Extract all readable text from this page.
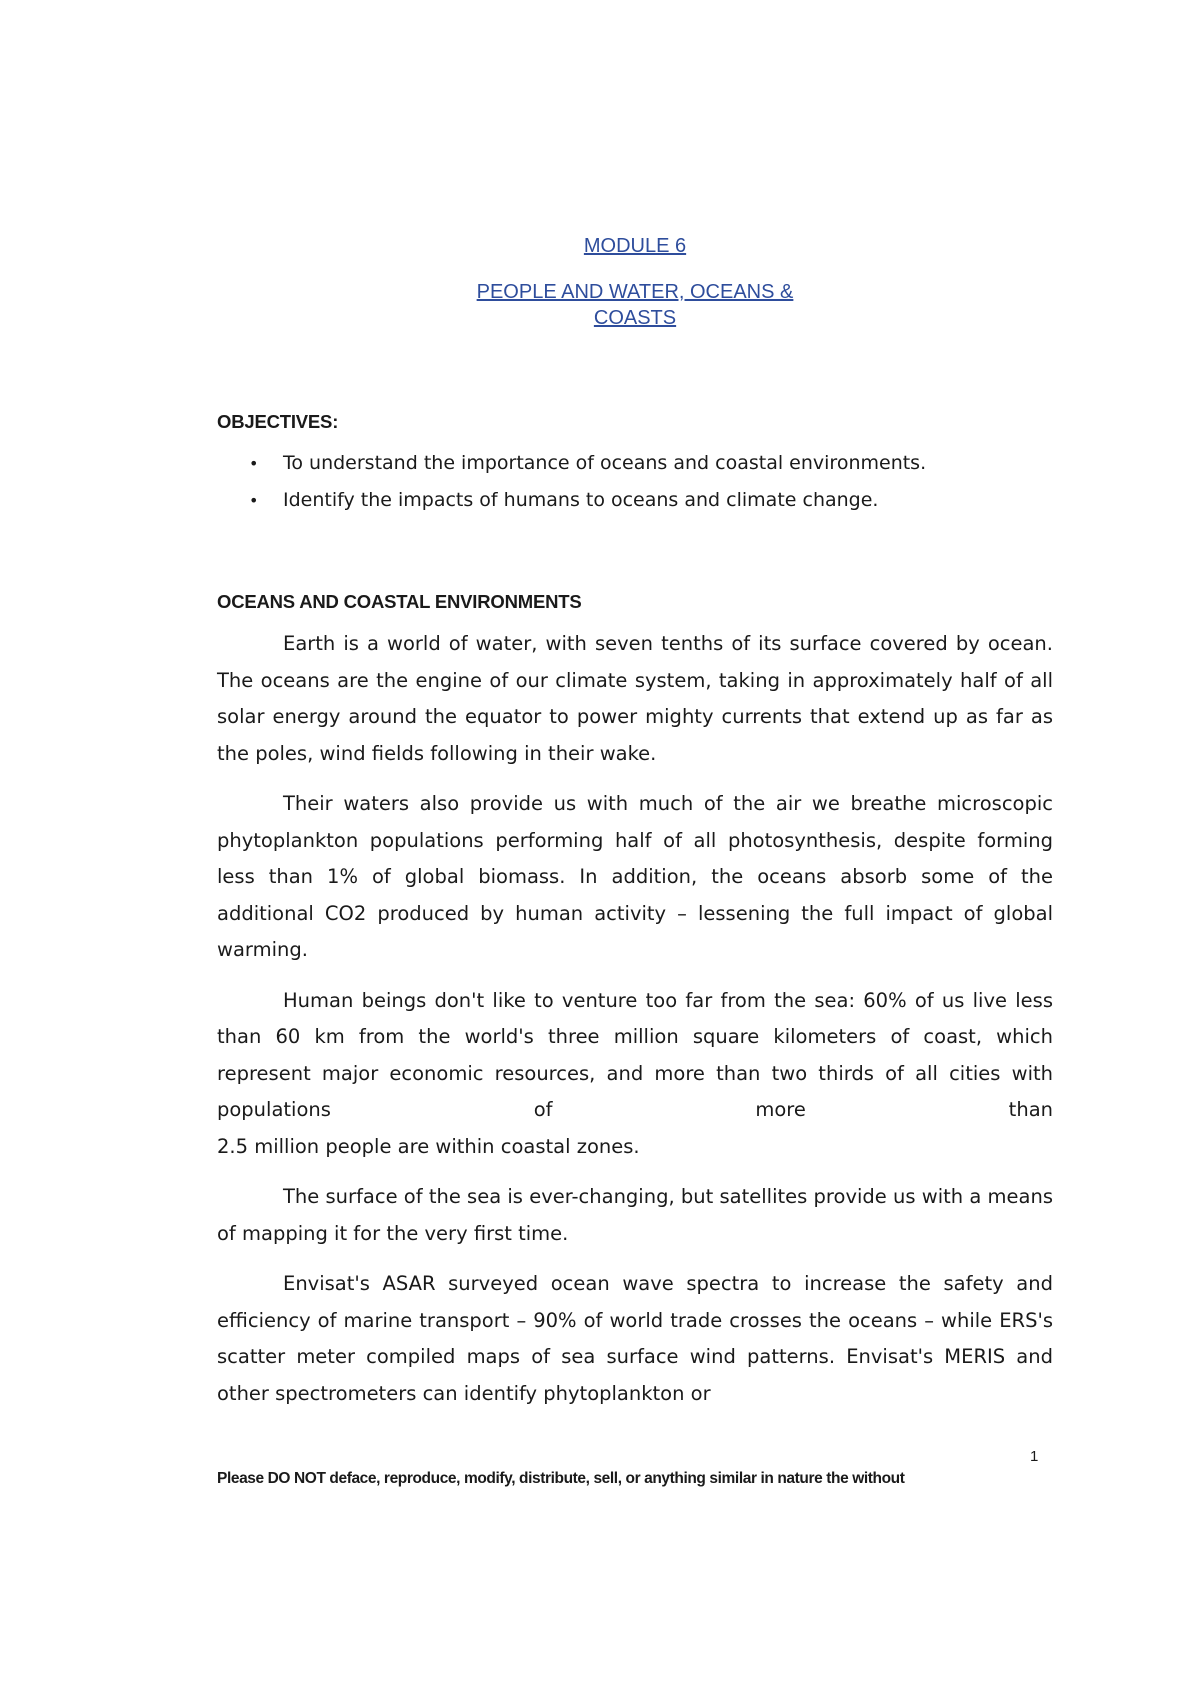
MODULE 6
PEOPLE AND WATER, OCEANS &
COASTS
OBJECTIVES:
• To understand the importance of oceans and coastal environments.
• Identify the impacts of humans to oceans and climate change.
OCEANS AND COASTAL ENVIRONMENTS

Earth is a world of water, with seven tenths of its surface covered by ocean. The oceans are the engine of our climate system, taking in approximately half of all solar energy around the equator to power mighty currents that extend up as far as the poles, wind fields following in their wake.

Their waters also provide us with much of the air we breathe microscopic phytoplankton populations performing half of all photosynthesis, despite forming less than 1% of global biomass. In addition, the oceans absorb some of the additional CO2 produced by human activity – lessening the full impact of global warming.

Human beings don't like to venture too far from the sea: 60% of us live less than 60 km from the world's three million square kilometers of coast, which represent major economic resources, and more than two thirds of all cities with populations of more than

2.5 million people are within coastal zones.

The surface of the sea is ever-changing, but satellites provide us with a means of mapping it for the very first time.

Envisat's ASAR surveyed ocean wave spectra to increase the safety and efficiency of marine transport – 90% of world trade crosses the oceans – while ERS's scatter meter compiled maps of sea surface wind patterns. Envisat's MERIS and other spectrometers can identify phytoplankton or

1
Please DO NOT deface, reproduce, modify, distribute, sell, or anything similar in nature the without
